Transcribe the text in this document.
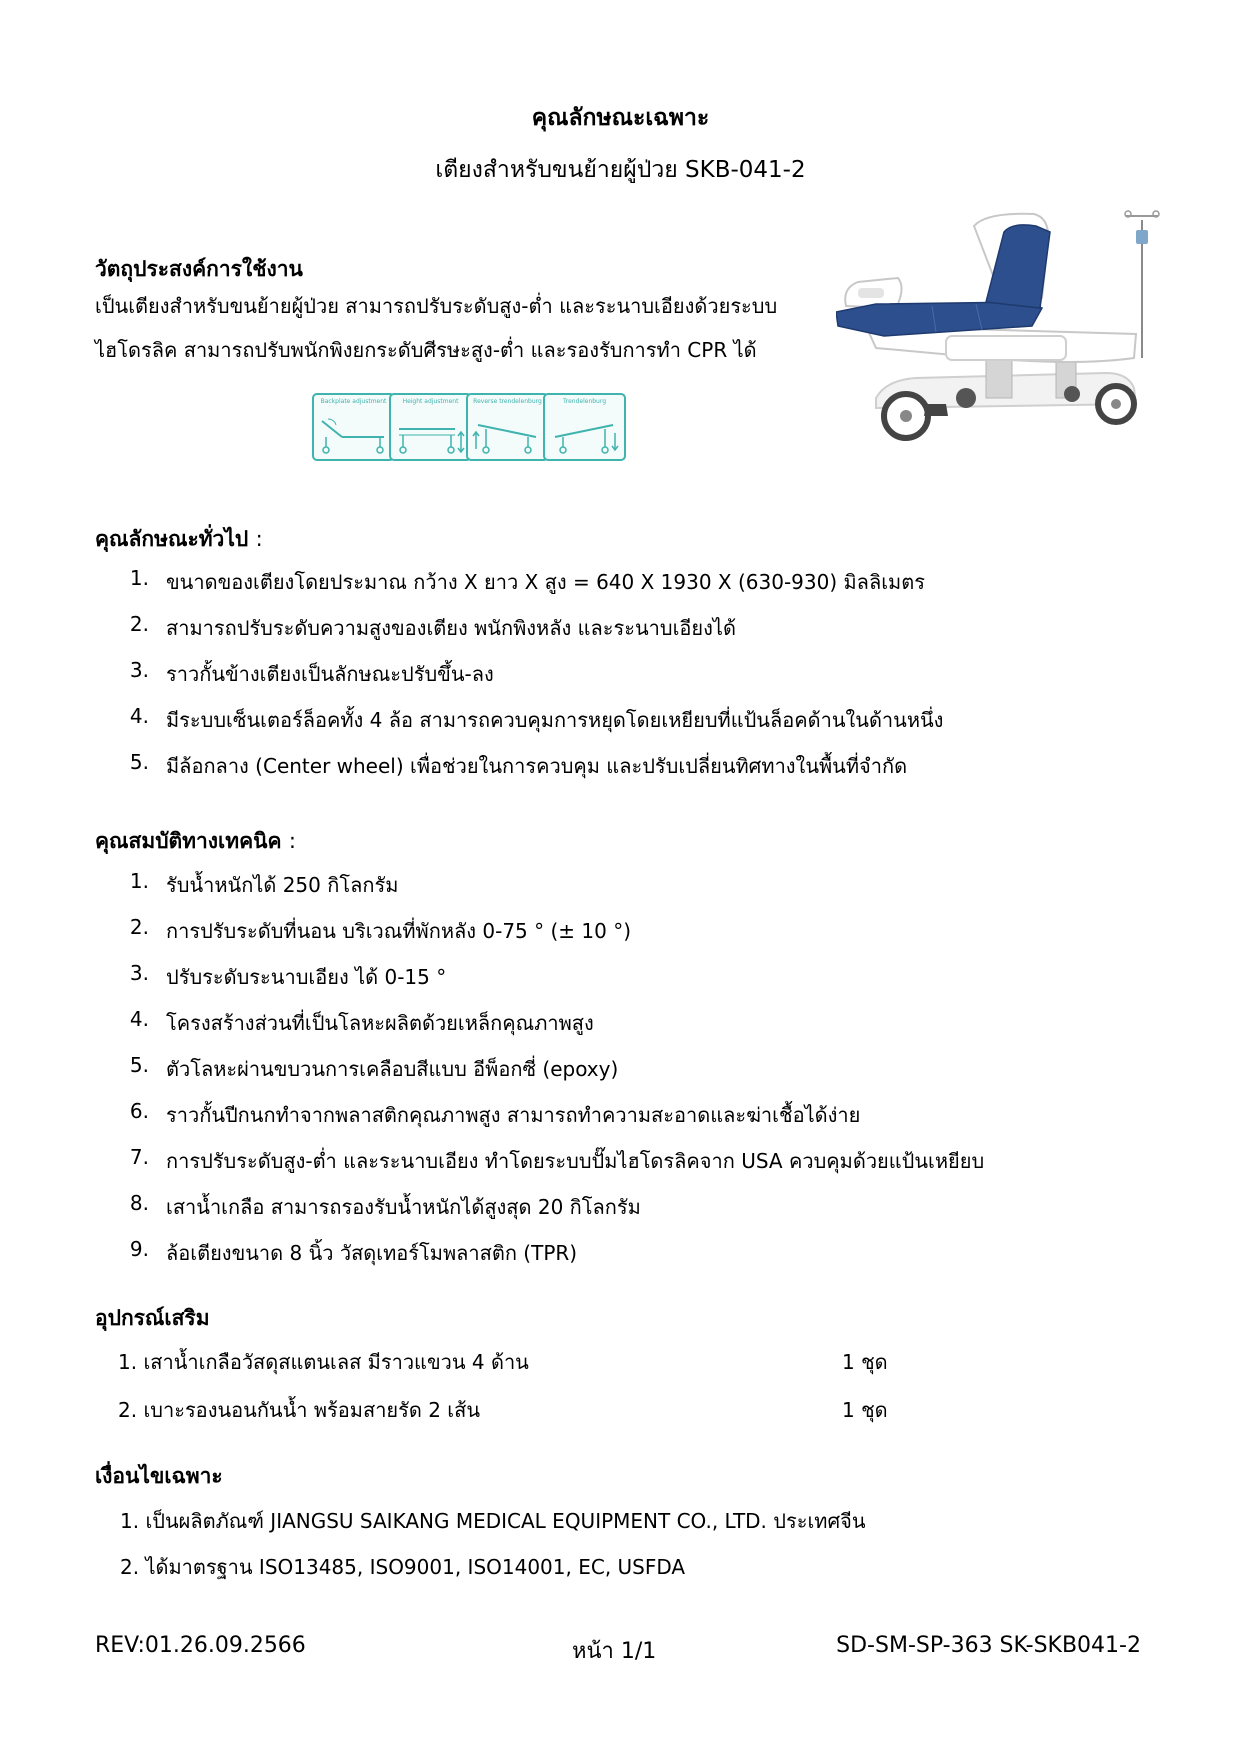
คุณลักษณะเฉพาะ
เตียงสำหรับขนย้ายผู้ป่วย SKB-041-2
วัตถุประสงค์การใช้งาน
เป็นเตียงสำหรับขนย้ายผู้ป่วย สามารถปรับระดับสูง-ต่ำ และระนาบเอียงด้วยระบบ
ไฮโดรลิค สามารถปรับพนักพิงยกระดับศีรษะสูง-ต่ำ และรองรับการทำ CPR ได้
Backplate adjustment	Height adjustment	Reverse trendelenburg	Trendelenburg
คุณลักษณะทั่วไป :
1. ขนาดของเตียงโดยประมาณ กว้าง X ยาว X สูง = 640 X 1930 X (630-930) มิลลิเมตร
2. สามารถปรับระดับความสูงของเตียง พนักพิงหลัง และระนาบเอียงได้
3. ราวกั้นข้างเตียงเป็นลักษณะปรับขึ้น-ลง
4. มีระบบเซ็นเตอร์ล็อคทั้ง 4 ล้อ สามารถควบคุมการหยุดโดยเหยียบที่แป้นล็อคด้านในด้านหนึ่ง
5. มีล้อกลาง (Center wheel) เพื่อช่วยในการควบคุม และปรับเปลี่ยนทิศทางในพื้นที่จำกัด
คุณสมบัติทางเทคนิค :
1. รับน้ำหนักได้ 250 กิโลกรัม
2. การปรับระดับที่นอน บริเวณที่พักหลัง 0-75 ° (± 10 °)
3. ปรับระดับระนาบเอียง ได้ 0-15 °
4. โครงสร้างส่วนที่เป็นโลหะผลิตด้วยเหล็กคุณภาพสูง
5. ตัวโลหะผ่านขบวนการเคลือบสีแบบ อีพ็อกซี่ (epoxy)
6. ราวกั้นปีกนกทำจากพลาสติกคุณภาพสูง สามารถทำความสะอาดและฆ่าเชื้อได้ง่าย
7. การปรับระดับสูง-ต่ำ และระนาบเอียง ทำโดยระบบปั๊มไฮโดรลิคจาก USA ควบคุมด้วยแป้นเหยียบ
8. เสาน้ำเกลือ สามารถรองรับน้ำหนักได้สูงสุด 20 กิโลกรัม
9. ล้อเตียงขนาด 8 นิ้ว วัสดุเทอร์โมพลาสติก (TPR)
อุปกรณ์เสริม
1. เสาน้ำเกลือวัสดุสแตนเลส มีราวแขวน 4 ด้าน	1 ชุด
2. เบาะรองนอนกันน้ำ พร้อมสายรัด 2 เส้น	1 ชุด
เงื่อนไขเฉพาะ
1. เป็นผลิตภัณฑ์ JIANGSU SAIKANG MEDICAL EQUIPMENT CO., LTD. ประเทศจีน
2. ได้มาตรฐาน ISO13485, ISO9001, ISO14001, EC, USFDA
REV:01.26.09.2566	หน้า 1/1	SD-SM-SP-363 SK-SKB041-2
